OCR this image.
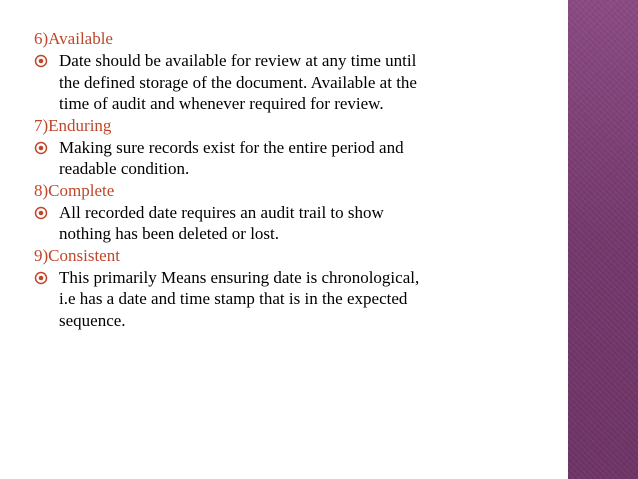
6)Available

Date should be available for review at any time until
the defined storage of the document. Available at the
time of audit and whenever required for review.

7)Enduring

Making sure records exist for the entire period and
readable condition.

8)Complete

All recorded date requires an audit trail to show
nothing has been deleted or lost.

9)Consistent

This primarily Means ensuring date is chronological,
i.e has a date and time stamp that is in the expected
sequence.
